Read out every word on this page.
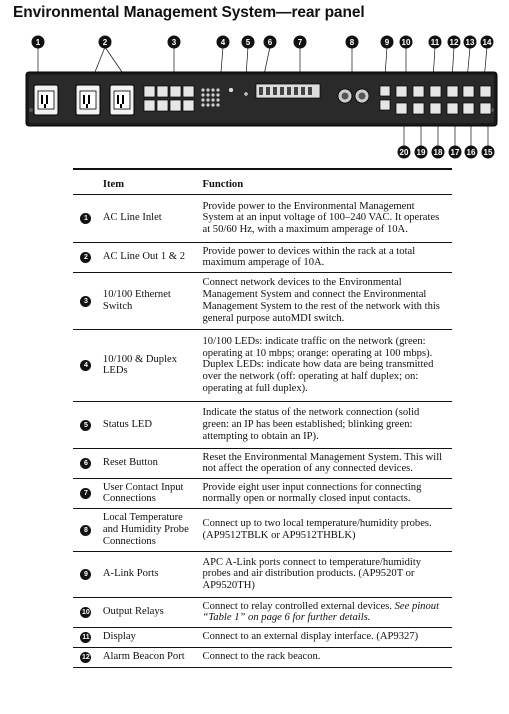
Environmental Management System—rear panel
1	2	3	4	5 6	7	8	9 10	11 12 13 14
20 19 18 17 16 15
	Item	Function
1	AC Line Inlet	Provide power to the Environmental Management System at an input voltage of 100–240 VAC. It operates at 50/60 Hz, with a maximum amperage of 10A.
2	AC Line Out 1 & 2	Provide power to devices within the rack at a total maximum amperage of 10A.
3	10/100 Ethernet Switch	Connect network devices to the Environmental Management System and connect the Environmental Management System to the rest of the network with this general purpose autoMDI switch.
4	10/100 & Duplex LEDs	10/100 LEDs: indicate traffic on the network (green: operating at 10 mbps; orange: operating at 100 mbps). Duplex LEDs: indicate how data are being transmitted over the network (off: operating at half duplex; on: operating at full duplex).
5	Status LED	Indicate the status of the network connection (solid green: an IP has been established; blinking green: attempting to obtain an IP).
6	Reset Button	Reset the Environmental Management System. This will not affect the operation of any connected devices.
7	User Contact Input Connections	Provide eight user input connections for connecting normally open or normally closed input contacts.
8	Local Temperature and Humidity Probe Connections	Connect up to two local temperature/humidity probes. (AP9512TBLK or AP9512THBLK)
9	A-Link Ports	APC A-Link ports connect to temperature/humidity probes and air distribution products. (AP9520T or AP9520TH)
10	Output Relays	Connect to relay controlled external devices. See pinout “Table 1” on page 6 for further details.
11	Display	Connect to an external display interface. (AP9327)
12	Alarm Beacon Port	Connect to the rack beacon.
